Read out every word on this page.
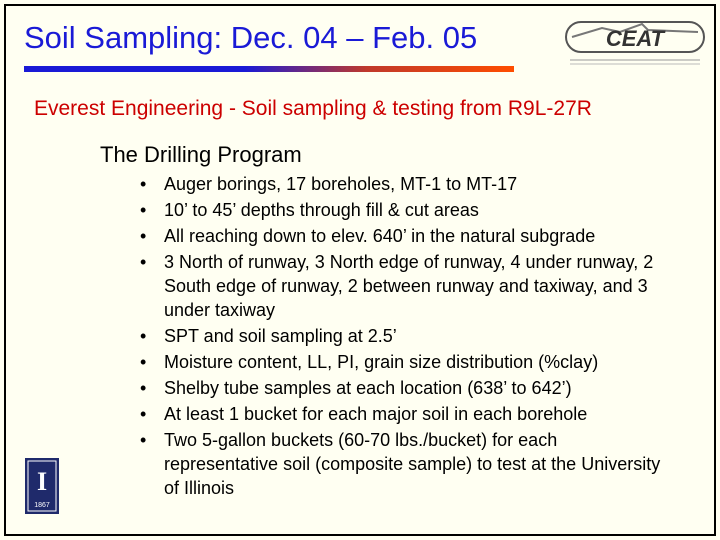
Soil Sampling: Dec. 04 – Feb. 05	CEAT
Everest Engineering - Soil sampling & testing from R9L-27R
The Drilling Program
• Auger borings, 17 boreholes, MT-1 to MT-17
• 10’ to 45’ depths through fill & cut areas
• All reaching down to elev. 640’ in the natural subgrade
• 3 North of runway, 3 North edge of runway, 4 under runway, 2 South edge of runway, 2 between runway and taxiway, and 3 under taxiway
• SPT and soil sampling at 2.5’
• Moisture content, LL, PI, grain size distribution (%clay)
• Shelby tube samples at each location (638’ to 642’)
• At least 1 bucket for each major soil in each borehole
• Two 5-gallon buckets (60-70 lbs./bucket) for each representative soil (composite sample) to test at the University of Illinois
I
1867
